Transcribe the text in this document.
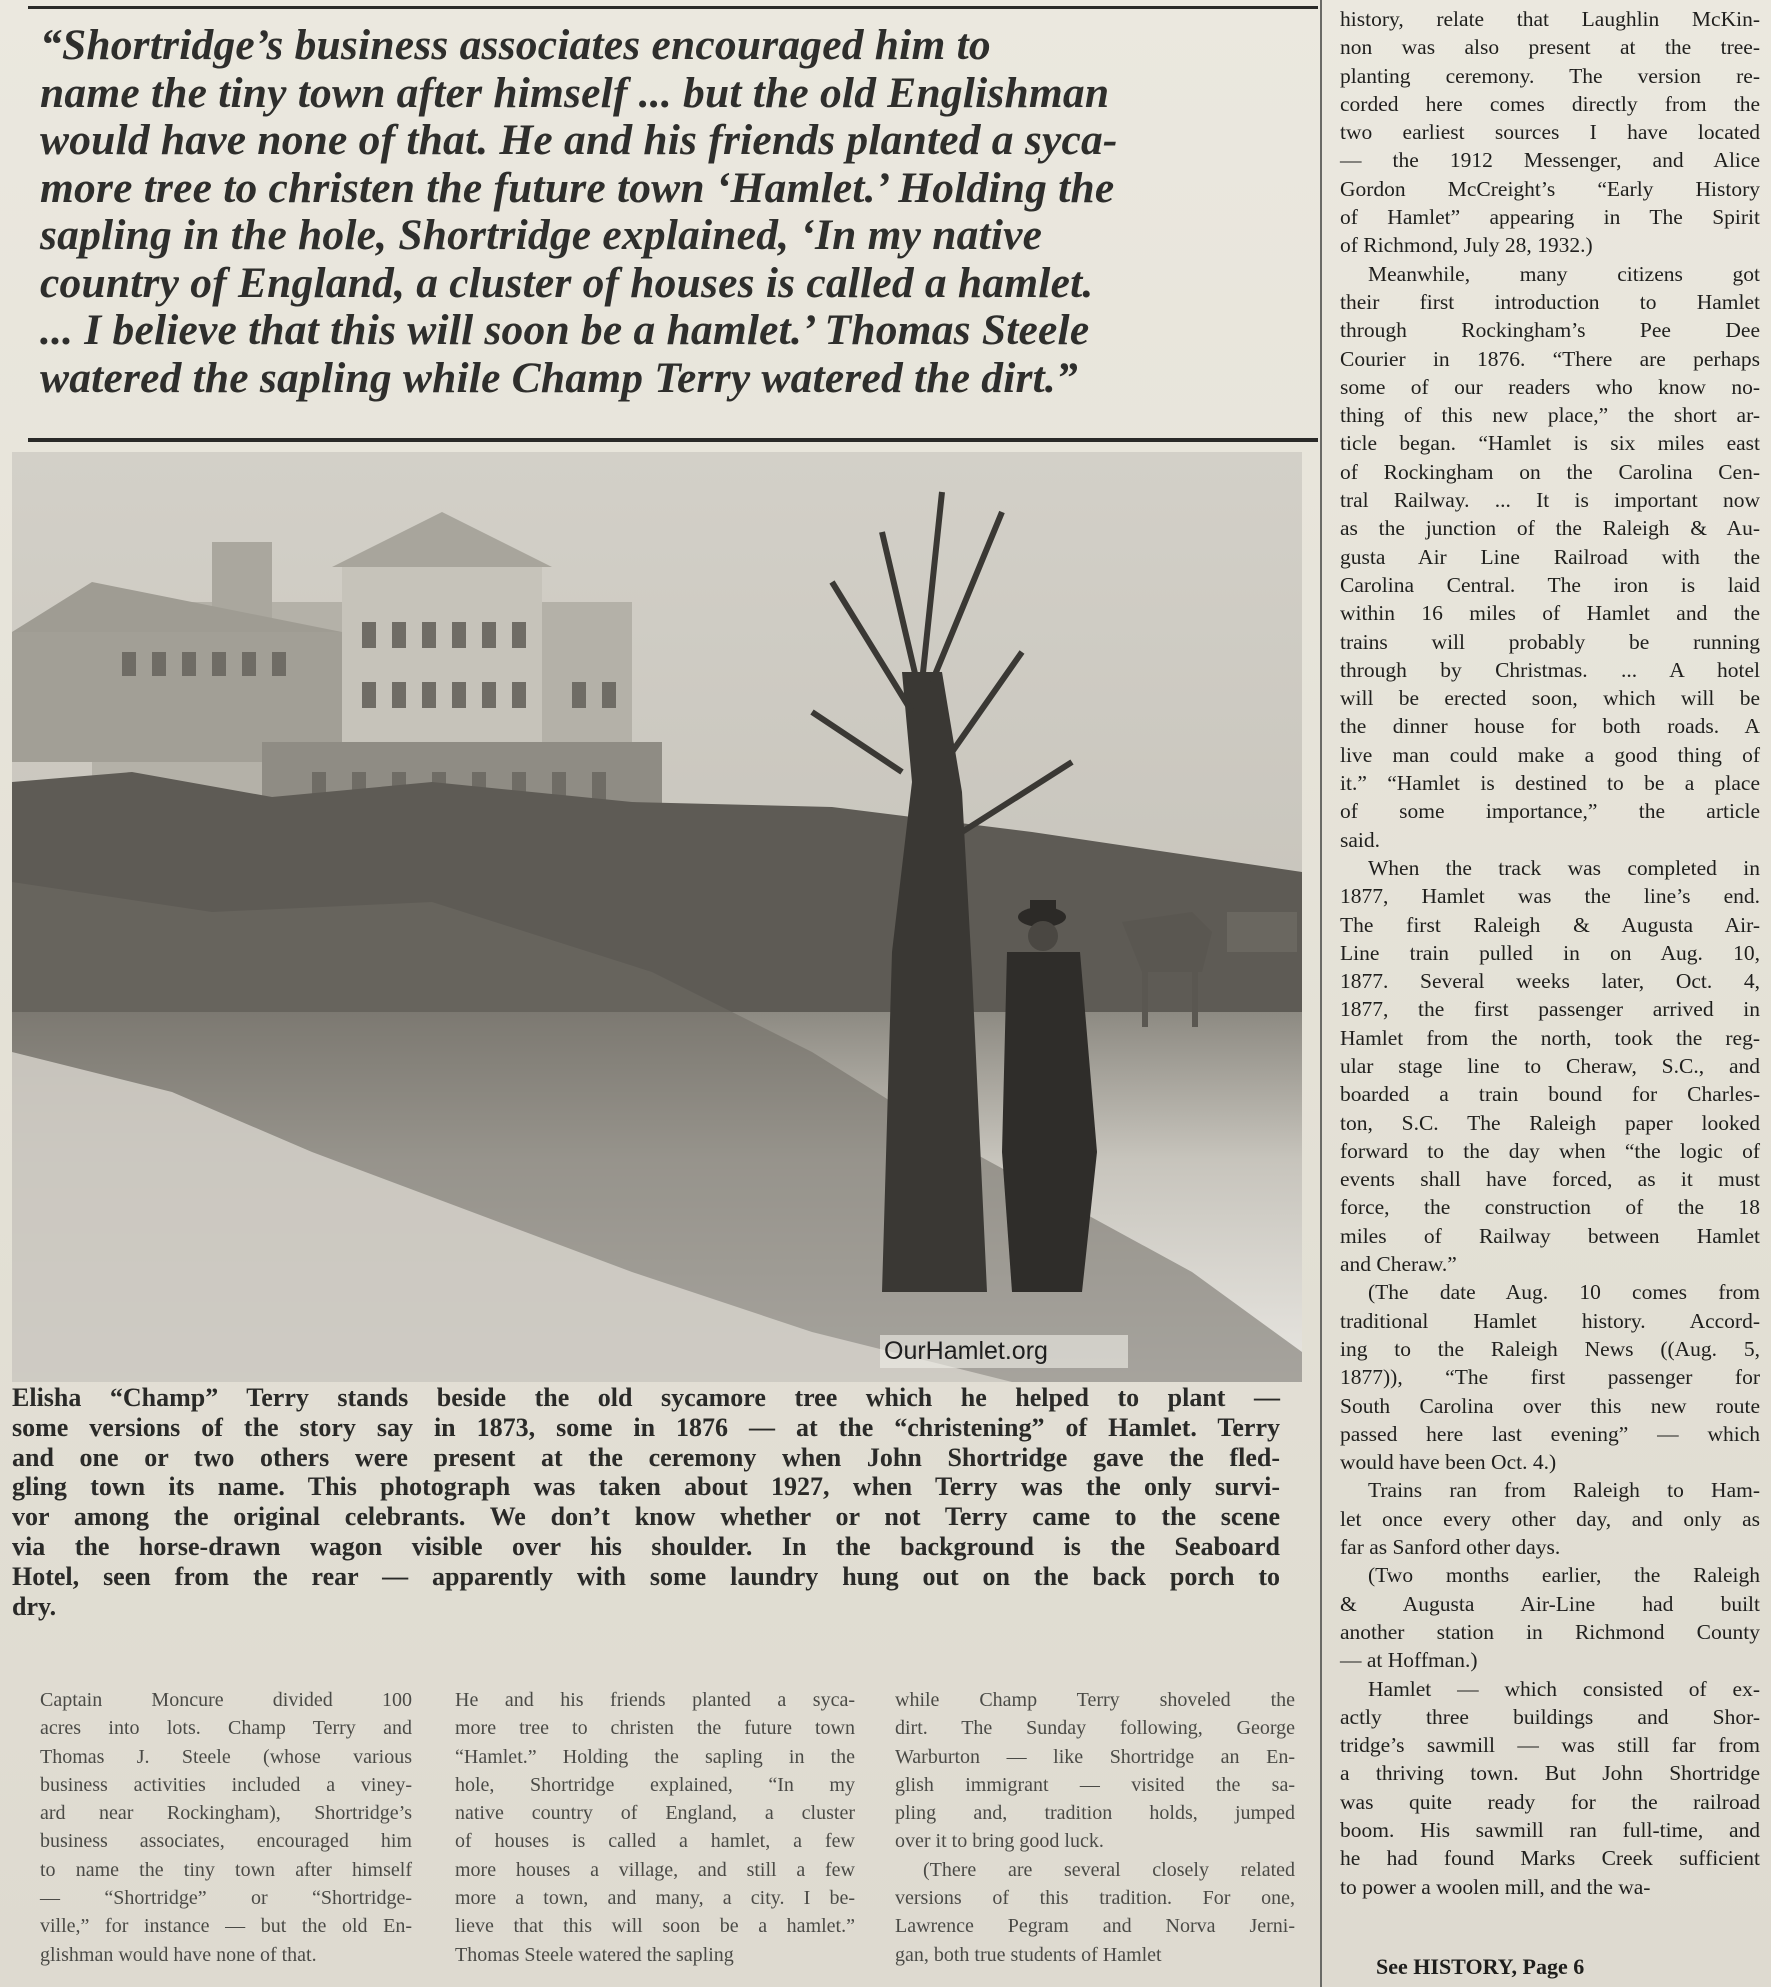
“Shortridge’s business associates encouraged him to
name the tiny town after himself ... but the old Englishman
would have none of that. He and his friends planted a syca-
more tree to christen the future town ‘Hamlet.’ Holding the
sapling in the hole, Shortridge explained, ‘In my native
country of England, a cluster of houses is called a hamlet.
... I believe that this will soon be a hamlet.’ Thomas Steele
watered the sapling while Champ Terry watered the dirt.”
OurHamlet.org
Elisha “Champ” Terry stands beside the old sycamore tree which he helped to plant —
some versions of the story say in 1873, some in 1876 — at the “christening” of Hamlet. Terry
and one or two others were present at the ceremony when John Shortridge gave the fled-
gling town its name. This photograph was taken about 1927, when Terry was the only survi-
vor among the original celebrants. We don’t know whether or not Terry came to the scene
via the horse-drawn wagon visible over his shoulder. In the background is the Seaboard
Hotel, seen from the rear — apparently with some laundry hung out on the back porch to
dry.
Captain Moncure divided 100
acres into lots. Champ Terry and
Thomas J. Steele (whose various
business activities included a viney-
ard near Rockingham), Shortridge’s
business associates, encouraged him
to name the tiny town after himself
— “Shortridge” or “Shortridge-
ville,” for instance — but the old En-
glishman would have none of that.
He and his friends planted a syca-
more tree to christen the future town
“Hamlet.” Holding the sapling in the
hole, Shortridge explained, “In my
native country of England, a cluster
of houses is called a hamlet, a few
more houses a village, and still a few
more a town, and many, a city. I be-
lieve that this will soon be a hamlet.”
Thomas Steele watered the sapling
while Champ Terry shoveled the
dirt. The Sunday following, George
Warburton — like Shortridge an En-
glish immigrant — visited the sa-
pling and, tradition holds, jumped
over it to bring good luck.
(There are several closely related
versions of this tradition. For one,
Lawrence Pegram and Norva Jerni-
gan, both true students of Hamlet
history, relate that Laughlin McKin-
non was also present at the tree-
planting ceremony. The version re-
corded here comes directly from the
two earliest sources I have located
— the 1912 Messenger, and Alice
Gordon McCreight’s “Early History
of Hamlet” appearing in The Spirit
of Richmond, July 28, 1932.)
Meanwhile, many citizens got
their first introduction to Hamlet
through Rockingham’s Pee Dee
Courier in 1876. “There are perhaps
some of our readers who know no-
thing of this new place,” the short ar-
ticle began. “Hamlet is six miles east
of Rockingham on the Carolina Cen-
tral Railway. ... It is important now
as the junction of the Raleigh & Au-
gusta Air Line Railroad with the
Carolina Central. The iron is laid
within 16 miles of Hamlet and the
trains will probably be running
through by Christmas. ... A hotel
will be erected soon, which will be
the dinner house for both roads. A
live man could make a good thing of
it.” “Hamlet is destined to be a place
of some importance,” the article
said.
When the track was completed in
1877, Hamlet was the line’s end.
The first Raleigh & Augusta Air-
Line train pulled in on Aug. 10,
1877. Several weeks later, Oct. 4,
1877, the first passenger arrived in
Hamlet from the north, took the reg-
ular stage line to Cheraw, S.C., and
boarded a train bound for Charles-
ton, S.C. The Raleigh paper looked
forward to the day when “the logic of
events shall have forced, as it must
force, the construction of the 18
miles of Railway between Hamlet
and Cheraw.”
(The date Aug. 10 comes from
traditional Hamlet history. Accord-
ing to the Raleigh News ((Aug. 5,
1877)), “The first passenger for
South Carolina over this new route
passed here last evening” — which
would have been Oct. 4.)
Trains ran from Raleigh to Ham-
let once every other day, and only as
far as Sanford other days.
(Two months earlier, the Raleigh
& Augusta Air-Line had built
another station in Richmond County
— at Hoffman.)
Hamlet — which consisted of ex-
actly three buildings and Shor-
tridge’s sawmill — was still far from
a thriving town. But John Shortridge
was quite ready for the railroad
boom. His sawmill ran full-time, and
he had found Marks Creek sufficient
to power a woolen mill, and the wa-
See HISTORY, Page 6
